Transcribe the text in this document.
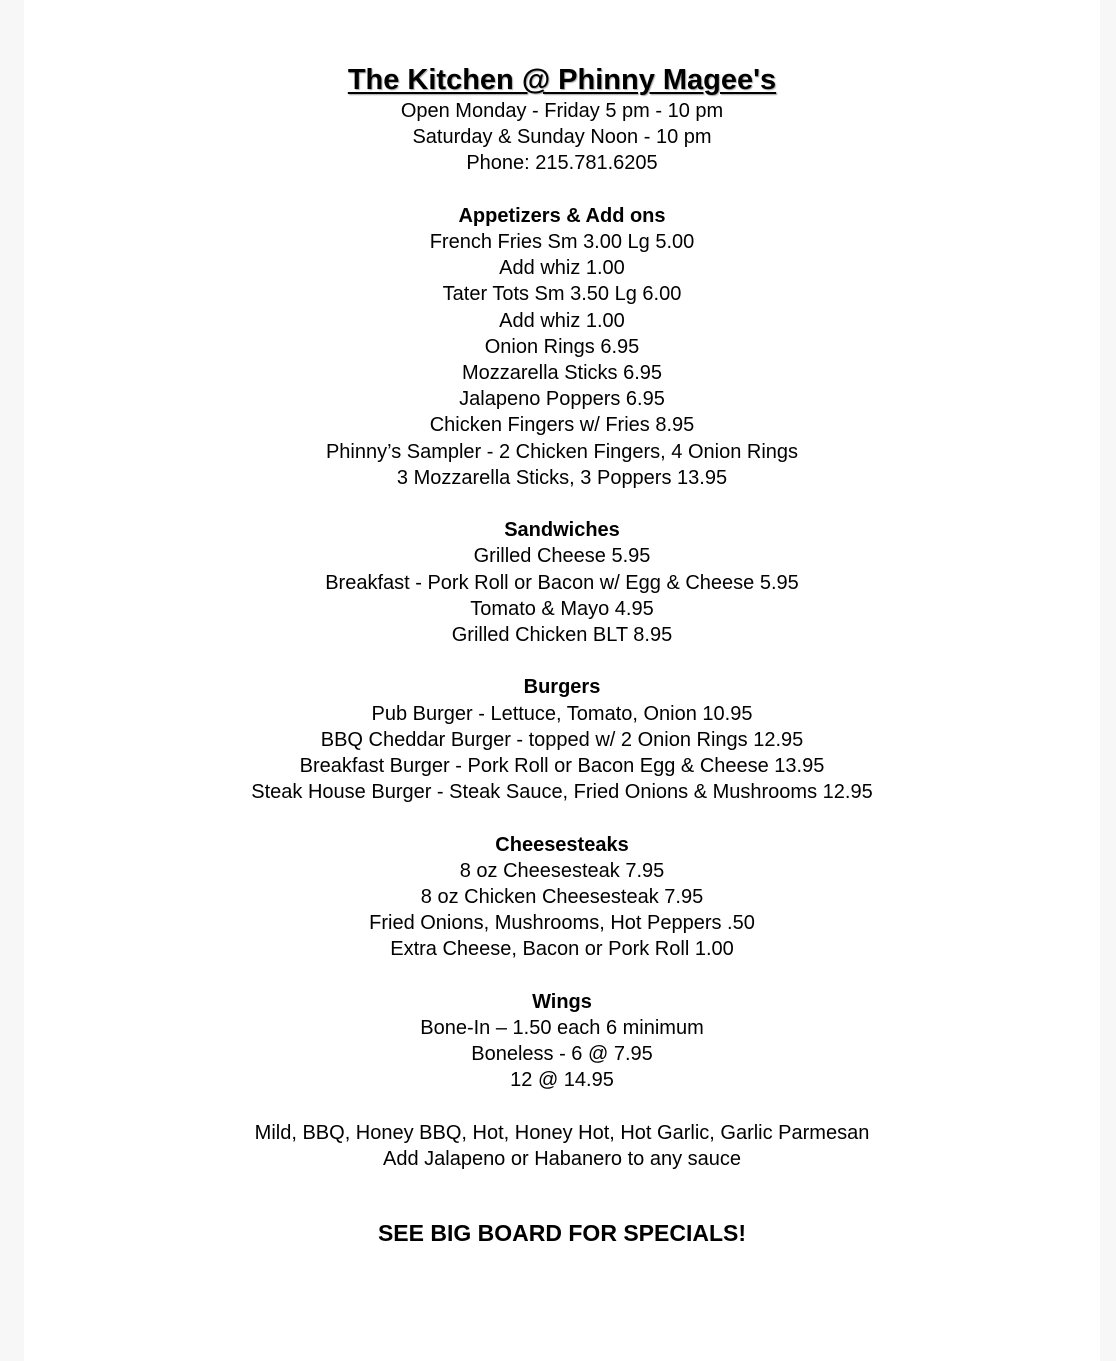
The Kitchen @ Phinny Magee's
Open Monday - Friday 5 pm - 10 pm
Saturday & Sunday Noon - 10 pm
Phone: 215.781.6205
Appetizers & Add ons
French Fries Sm 3.00 Lg 5.00
Add whiz 1.00
Tater Tots Sm 3.50 Lg 6.00
Add whiz 1.00
Onion Rings 6.95
Mozzarella Sticks 6.95
Jalapeno Poppers 6.95
Chicken Fingers w/ Fries 8.95
Phinny’s Sampler - 2 Chicken Fingers, 4 Onion Rings
3 Mozzarella Sticks, 3 Poppers 13.95
Sandwiches
Grilled Cheese 5.95
Breakfast - Pork Roll or Bacon w/ Egg & Cheese 5.95
Tomato & Mayo 4.95
Grilled Chicken BLT 8.95
Burgers
Pub Burger - Lettuce, Tomato, Onion 10.95
BBQ Cheddar Burger - topped w/ 2 Onion Rings 12.95
Breakfast Burger - Pork Roll or Bacon Egg & Cheese 13.95
Steak House Burger - Steak Sauce, Fried Onions & Mushrooms 12.95
Cheesesteaks
8 oz Cheesesteak 7.95
8 oz Chicken Cheesesteak 7.95
Fried Onions, Mushrooms, Hot Peppers .50
Extra Cheese, Bacon or Pork Roll 1.00
Wings
Bone-In – 1.50 each 6 minimum
Boneless - 6 @ 7.95
12 @ 14.95
Mild, BBQ, Honey BBQ, Hot, Honey Hot, Hot Garlic, Garlic Parmesan
Add Jalapeno or Habanero to any sauce
SEE BIG BOARD FOR SPECIALS!
